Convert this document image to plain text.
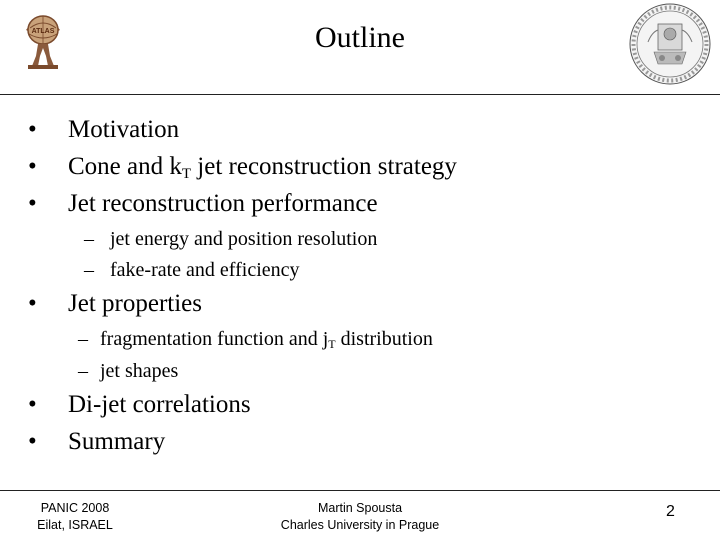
ATLAS	Outline
• Motivation
• Cone and $k_T$ jet reconstruction strategy
• Jet reconstruction performance
– jet energy and position resolution
– fake-rate and efficiency
• Jet properties
– fragmentation function and $j_T$ distribution
– jet shapes
• Di-jet correlations
• Summary
PANIC 2008
Eilat, ISRAEL
Martin Spousta
Charles University in Prague
2
